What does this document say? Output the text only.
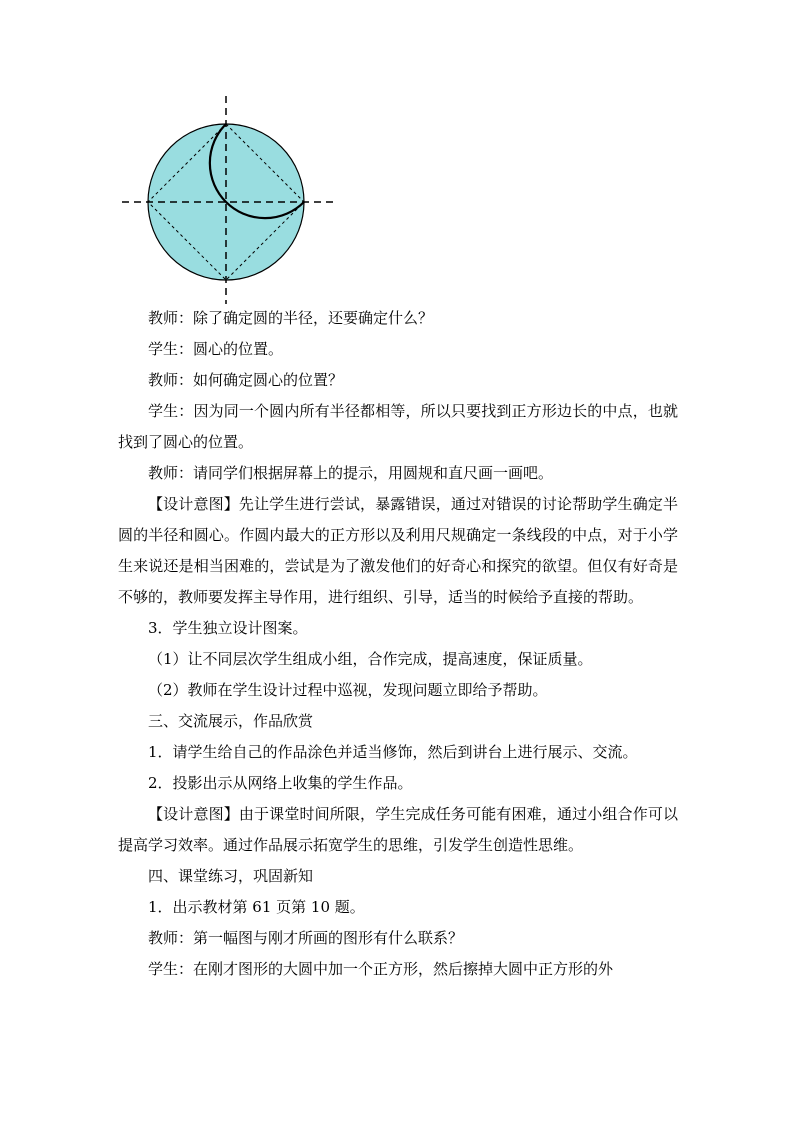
教师：除了确定圆的半径，还要确定什么？

学生：圆心的位置。

教师：如何确定圆心的位置？

学生：因为同一个圆内所有半径都相等，所以只要找到正方形边长的中点，也就找到了圆心的位置。

教师：请同学们根据屏幕上的提示，用圆规和直尺画一画吧。

【设计意图】先让学生进行尝试，暴露错误，通过对错误的讨论帮助学生确定半圆的半径和圆心。作圆内最大的正方形以及利用尺规确定一条线段的中点，对于小学生来说还是相当困难的，尝试是为了激发他们的好奇心和探究的欲望。但仅有好奇是不够的，教师要发挥主导作用，进行组织、引导，适当的时候给予直接的帮助。

3．学生独立设计图案。

（1）让不同层次学生组成小组，合作完成，提高速度，保证质量。

（2）教师在学生设计过程中巡视，发现问题立即给予帮助。

三、交流展示，作品欣赏

1．请学生给自己的作品涂色并适当修饰，然后到讲台上进行展示、交流。

2．投影出示从网络上收集的学生作品。

【设计意图】由于课堂时间所限，学生完成任务可能有困难，通过小组合作可以提高学习效率。通过作品展示拓宽学生的思维，引发学生创造性思维。

四、课堂练习，巩固新知

1．出示教材第 61 页第 10 题。

教师：第一幅图与刚才所画的图形有什么联系？

学生：在刚才图形的大圆中加一个正方形，然后擦掉大圆中正方形的外
